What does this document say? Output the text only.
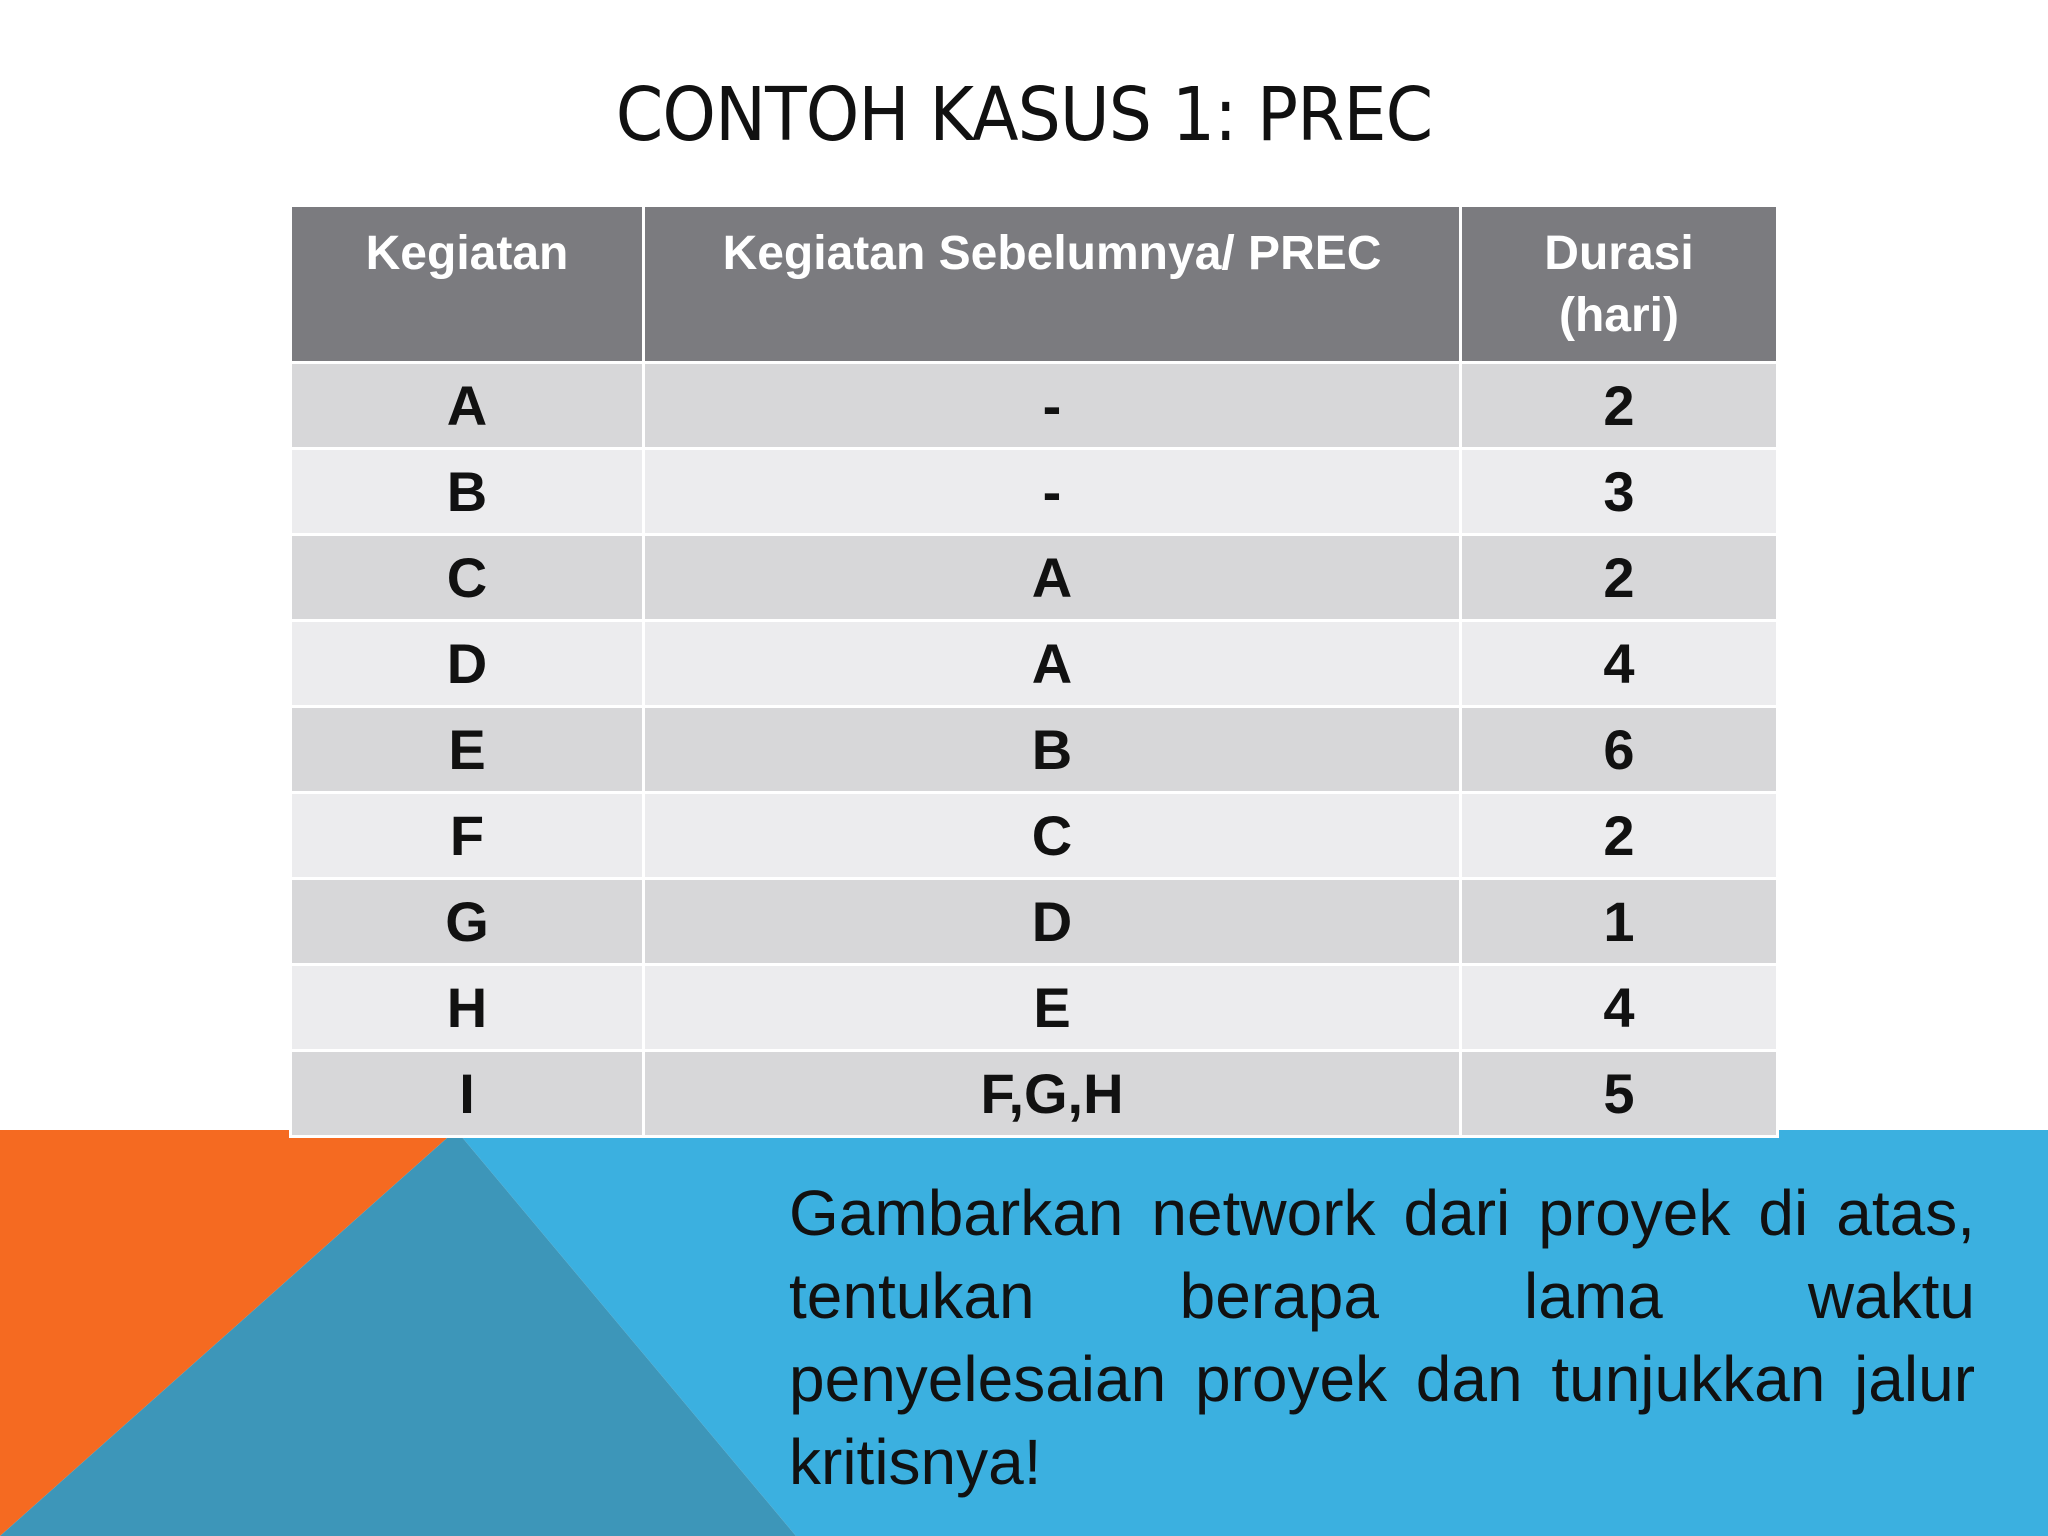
CONTOH KASUS 1: PREC
Kegiatan	Kegiatan Sebelumnya/ PREC	Durasi
(hari)
A	-	2
B	-	3
C	A	2
D	A	4
E	B	6
F	C	2
G	D	1
H	E	4
I	F,G,H	5

Gambarkan network dari proyek di atas, tentukan berapa lama waktu penyelesaian proyek dan tunjukkan jalur kritisnya!
